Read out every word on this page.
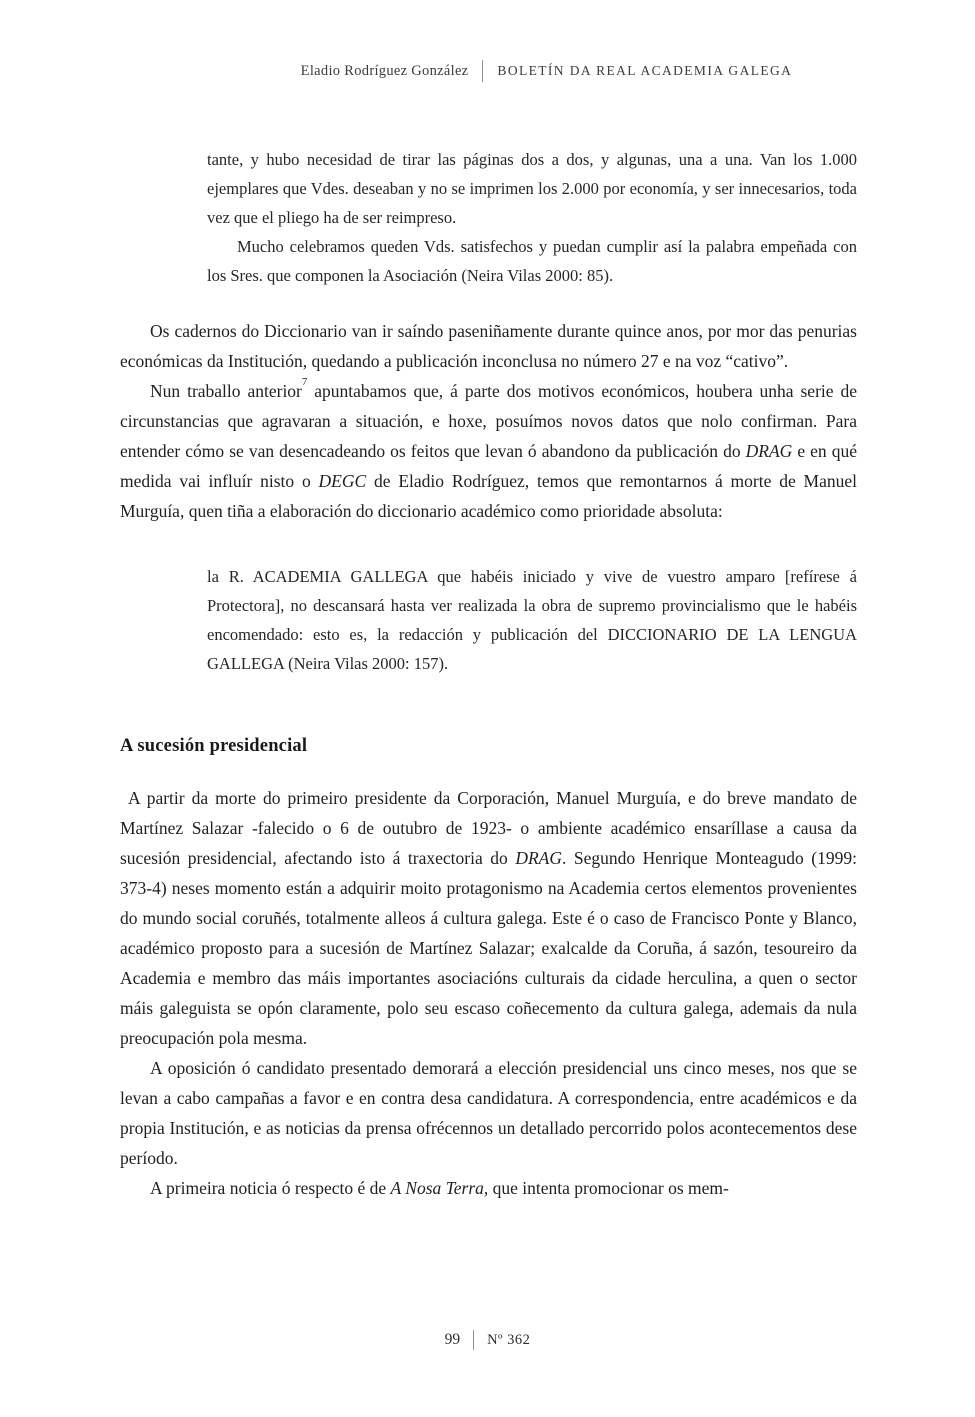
Eladio Rodríguez González BOLETÍN DA REAL ACADEMIA GALEGA

tante, y hubo necesidad de tirar las páginas dos a dos, y algunas, una a una. Van los 1.000 ejemplares que Vdes. deseaban y no se imprimen los 2.000 por economía, y ser innecesarios, toda vez que el pliego ha de ser reimpreso.

Mucho celebramos queden Vds. satisfechos y puedan cumplir así la palabra empeñada con los Sres. que componen la Asociación (Neira Vilas 2000: 85).

Os cadernos do Diccionario van ir saíndo paseniñamente durante quince anos, por mor das penurias económicas da Institución, quedando a publicación inconclusa no número 27 e na voz “cativo”.

Nun traballo anterior$^7$ apuntabamos que, á parte dos motivos económicos, houbera unha serie de circunstancias que agravaran a situación, e hoxe, posuímos novos datos que nolo confirman. Para entender cómo se van desencadeando os feitos que levan ó abandono da publicación do DRAG e en qué medida vai influír nisto o DEGC de Eladio Rodríguez, temos que remontarnos á morte de Manuel Murguía, quen tiña a elaboración do diccionario académico como prioridade absoluta:

la R. ACADEMIA GALLEGA que habéis iniciado y vive de vuestro amparo [refírese á Protectora], no descansará hasta ver realizada la obra de supremo provincialismo que le habéis encomendado: esto es, la redacción y publicación del DICCIONARIO DE LA LENGUA GALLEGA (Neira Vilas 2000: 157).

A sucesión presidencial

A partir da morte do primeiro presidente da Corporación, Manuel Murguía, e do breve mandato de Martínez Salazar -falecido o 6 de outubro de 1923- o ambiente académico ensaríllase a causa da sucesión presidencial, afectando isto á traxectoria do DRAG. Segundo Henrique Monteagudo (1999: 373-4) neses momento están a adquirir moito protagonismo na Academia certos elementos provenientes do mundo social coruñés, totalmente alleos á cultura galega. Este é o caso de Francisco Ponte y Blanco, académico proposto para a sucesión de Martínez Salazar; exalcalde da Coruña, á sazón, tesoureiro da Academia e membro das máis importantes asociacións culturais da cidade herculina, a quen o sector máis galeguista se opón claramente, polo seu escaso coñecemento da cultura galega, ademais da nula preocupación pola mesma.

A oposición ó candidato presentado demorará a elección presidencial uns cinco meses, nos que se levan a cabo campañas a favor e en contra desa candidatura. A correspondencia, entre académicos e da propia Institución, e as noticias da prensa ofrécennos un detallado percorrido polos acontecementos dese período.

A primeira noticia ó respecto é de A Nosa Terra, que intenta promocionar os mem-

99 Nº 362
